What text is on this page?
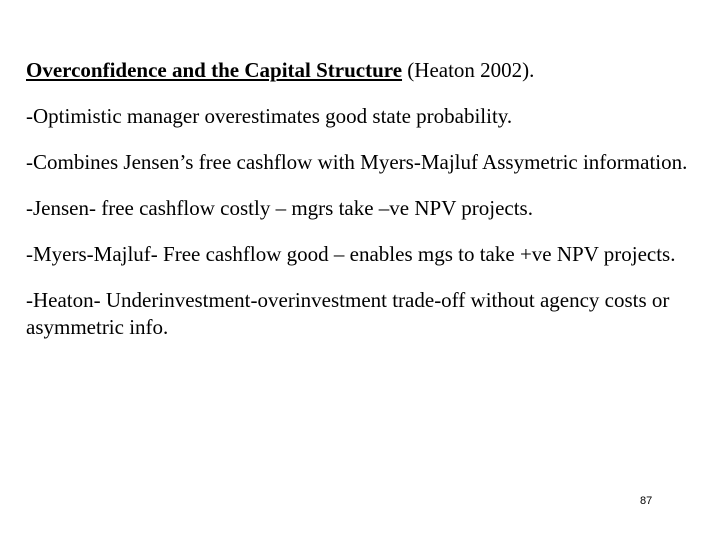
Overconfidence and the Capital Structure (Heaton 2002).

-Optimistic manager overestimates good state probability.

-Combines Jensen’s free cashflow with Myers-Majluf Assymetric information.

-Jensen- free cashflow costly – mgrs take –ve NPV projects.

-Myers-Majluf- Free cashflow good – enables mgs to take +ve NPV projects.

-Heaton- Underinvestment-overinvestment trade-off without agency costs or asymmetric info.

87
